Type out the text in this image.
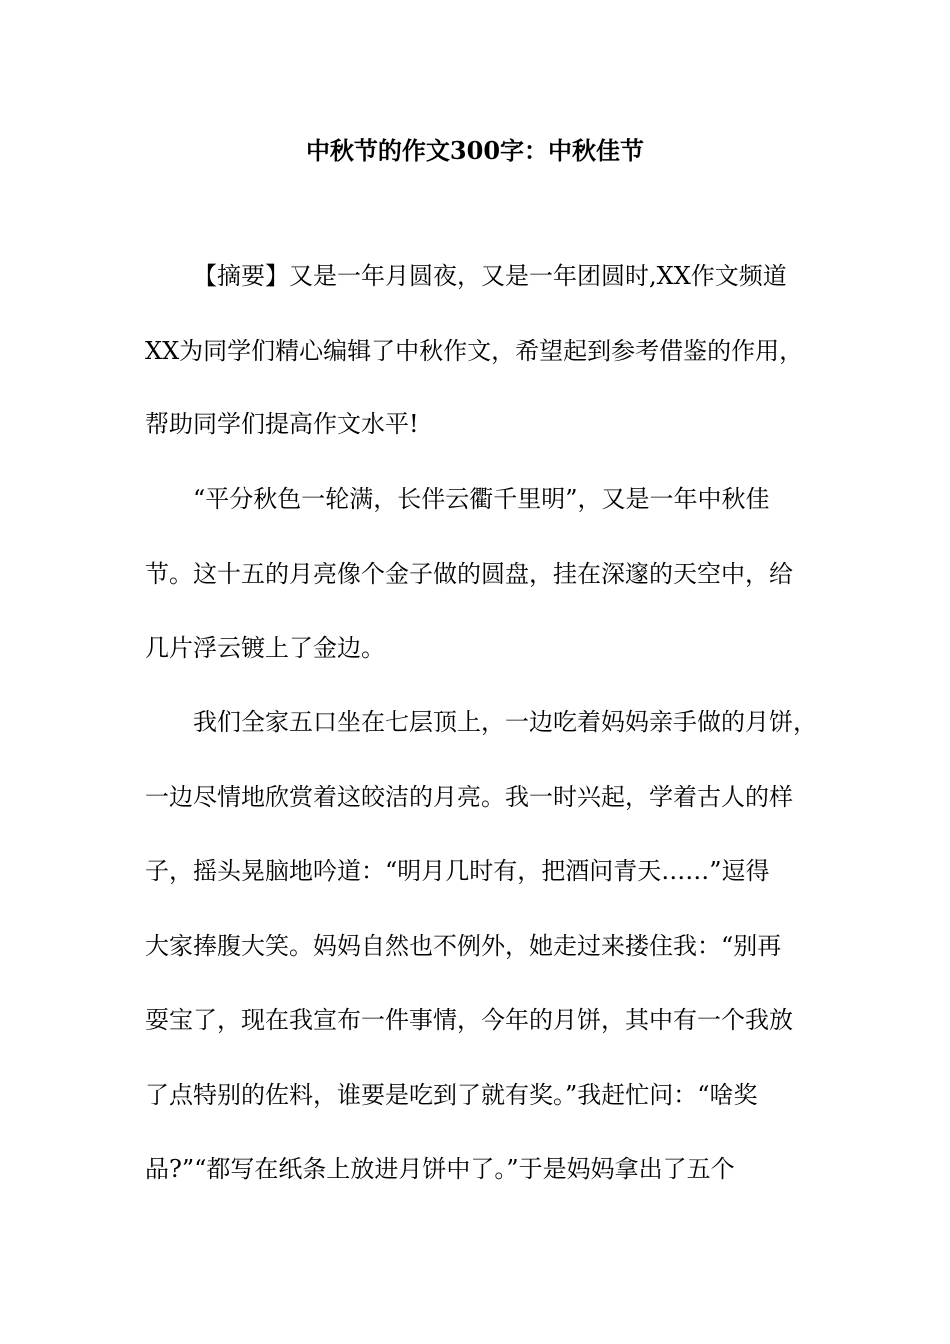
中秋节的作文300字：中秋佳节
【摘要】又是一年月圆夜，又是一年团圆时,XX作文频道
XX为同学们精心编辑了中秋作文，希望起到参考借鉴的作用，
帮助同学们提高作文水平!
“平分秋色一轮满，长伴云衢千里明”，又是一年中秋佳
节。这十五的月亮像个金子做的圆盘，挂在深邃的天空中，给
几片浮云镀上了金边。
我们全家五口坐在七层顶上，一边吃着妈妈亲手做的月饼，
一边尽情地欣赏着这皎洁的月亮。我一时兴起，学着古人的样
子，摇头晃脑地吟道：“明月几时有，把酒问青天……”逗得
大家捧腹大笑。妈妈自然也不例外，她走过来搂住我：“别再
耍宝了，现在我宣布一件事情，今年的月饼，其中有一个我放
了点特别的佐料，谁要是吃到了就有奖。”我赶忙问：“啥奖
品?”“都写在纸条上放进月饼中了。”于是妈妈拿出了五个
